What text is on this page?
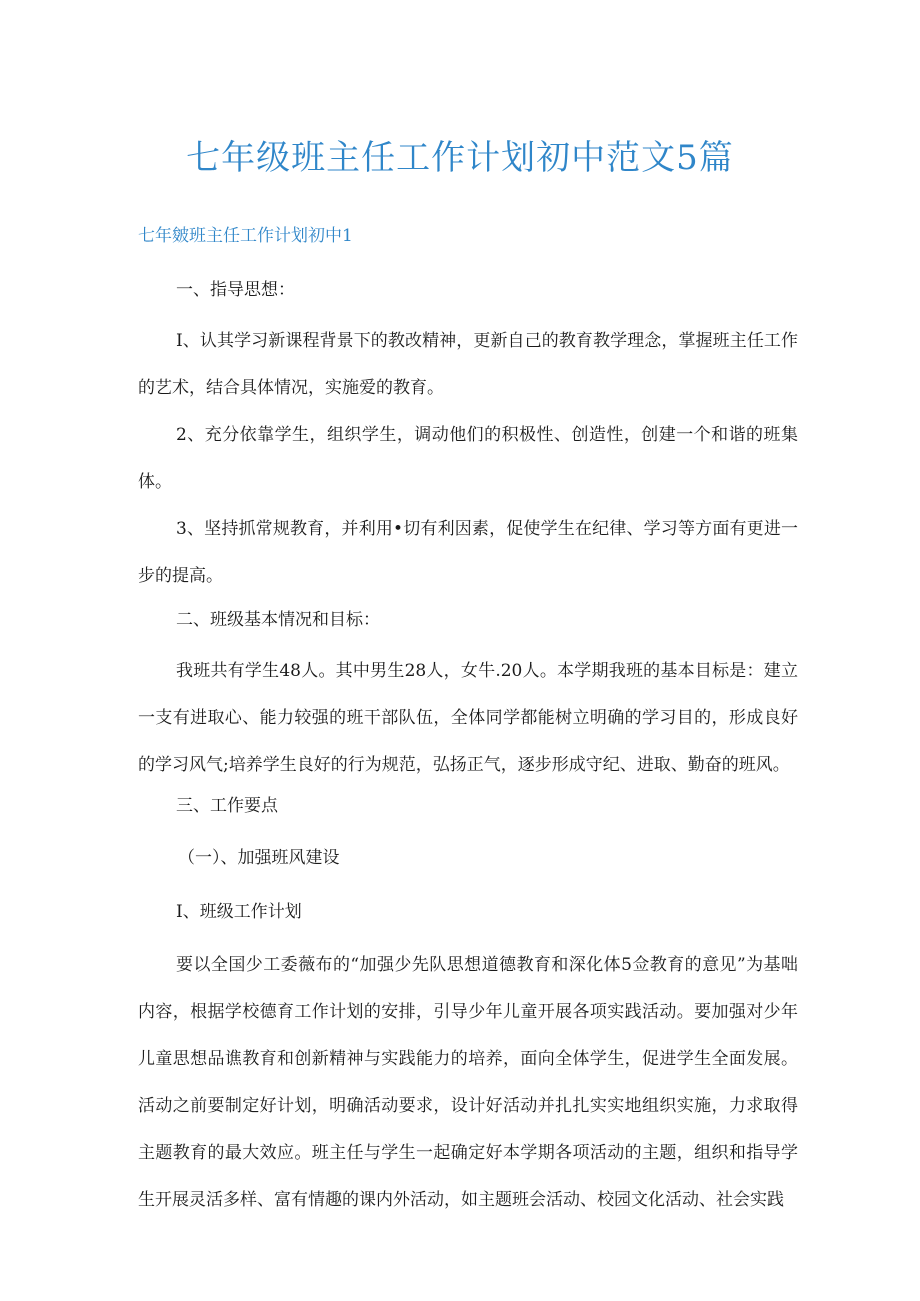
七年级班主任工作计划初中范文5篇

七年皴班主任工作计划初中1

一、指导思想：

I、认其学习新课程背景下的教改精神，更新自己的教育教学理念，掌握班主任工作的艺术，结合具体情况，实施爱的教育。

2、充分依靠学生，组织学生，调动他们的积极性、创造性，创建一个和谐的班集体。

3、坚持抓常规教育，并利用•切有利因素，促使学生在纪律、学习等方面有更进一步的提高。

二、班级基本情况和目标：

我班共有学生48人。其中男生28人，女牛.20人。本学期我班的基本目标是：建立一支有进取心、能力较强的班干部队伍，全体同学都能树立明确的学习目的，形成良好的学习风气;培养学生良好的行为规范，弘扬正气，逐步形成守纪、进取、勤奋的班风。

三、工作要点

（一）、加强班风建设

I、班级工作计划

要以全国少工委薇布的“加强少先队思想道德教育和深化体5佥教育的意见”为基咄内容，根据学校德育工作计划的安排，引导少年儿童开展各项实践活动。要加强对少年儿童思想品谯教育和创新精神与实践能力的培养，面向全体学生，促进学生全面发展。活动之前要制定好计划，明确活动要求，设计好活动并扎扎实实地组织实施，力求取得主题教育的最大效应。班主任与学生一起确定好本学期各项活动的主题，组织和指导学生开展灵活多样、富有情趣的课内外活动，如主题班会活动、校园文化活动、社会实践
